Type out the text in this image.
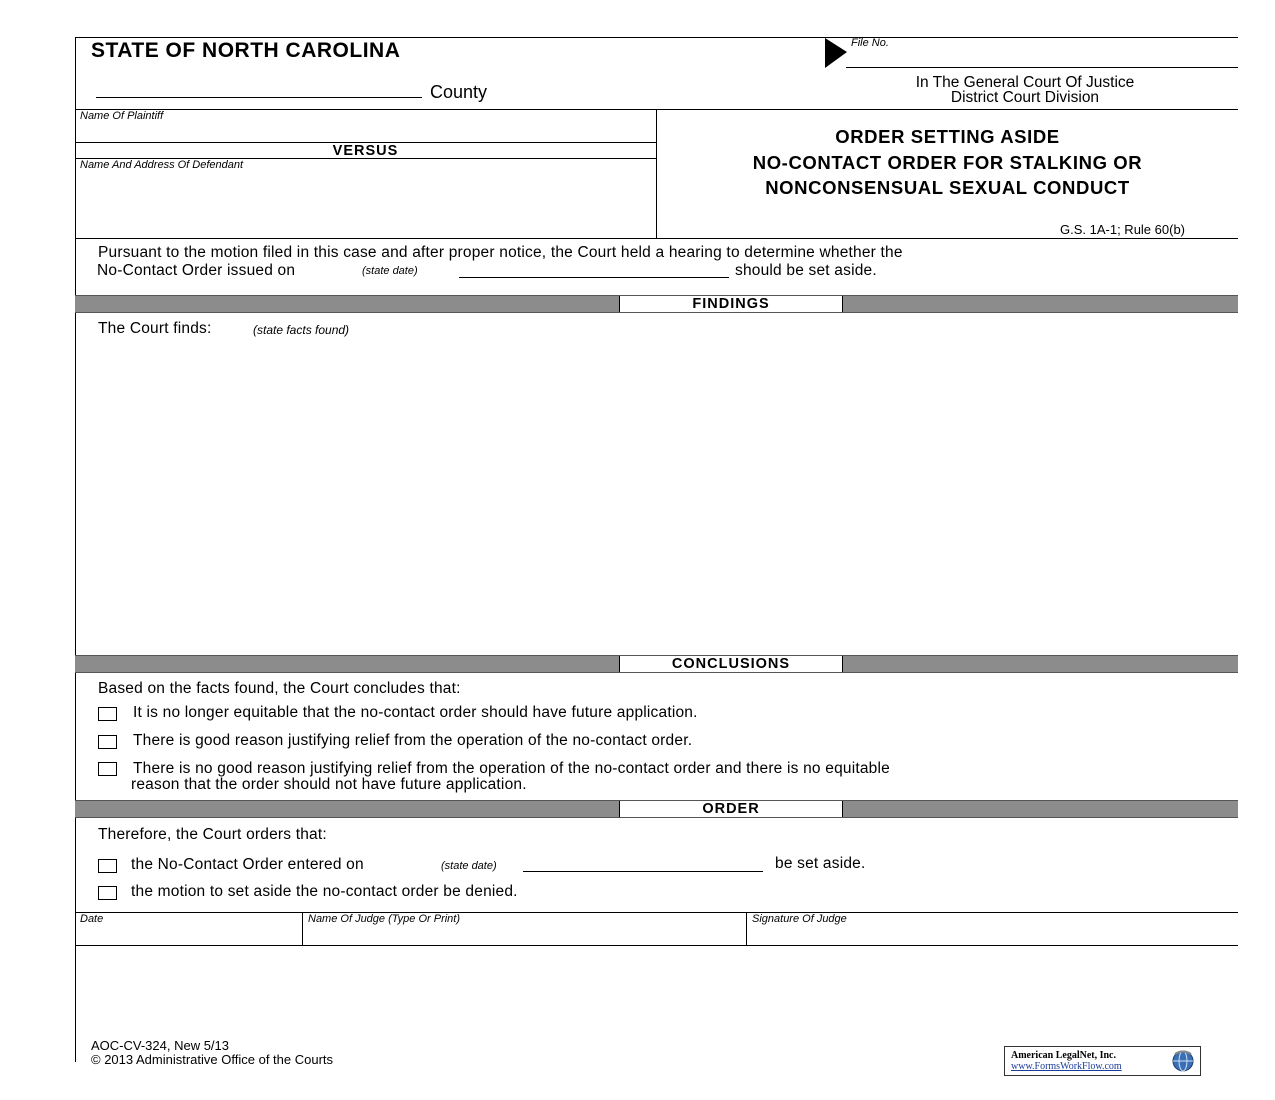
STATE OF NORTH CAROLINA
County
File No.
In The General Court Of Justice
District Court Division
Name Of Plaintiff
VERSUS
Name And Address Of Defendant
ORDER SETTING ASIDE
NO-CONTACT ORDER FOR STALKING OR
NONCONSENSUAL SEXUAL CONDUCT
G.S. 1A-1; Rule 60(b)
Pursuant to the motion filed in this case and after proper notice, the Court held a hearing to determine whether the
No-Contact Order issued on	(state date)	should be set aside.
FINDINGS
The Court finds:	(state facts found)
CONCLUSIONS
Based on the facts found, the Court concludes that:
It is no longer equitable that the no-contact order should have future application.
There is good reason justifying relief from the operation of the no-contact order.
There is no good reason justifying relief from the operation of the no-contact order and there is no equitable
reason that the order should not have future application.
ORDER
Therefore, the Court orders that:
the No-Contact Order entered on	(state date)	be set aside.
the motion to set aside the no-contact order be denied.
Date	Name Of Judge (Type Or Print)	Signature Of Judge
AOC-CV-324, New 5/13
© 2013 Administrative Office of the Courts	American LegalNet, Inc.
www.FormsWorkFlow.com
